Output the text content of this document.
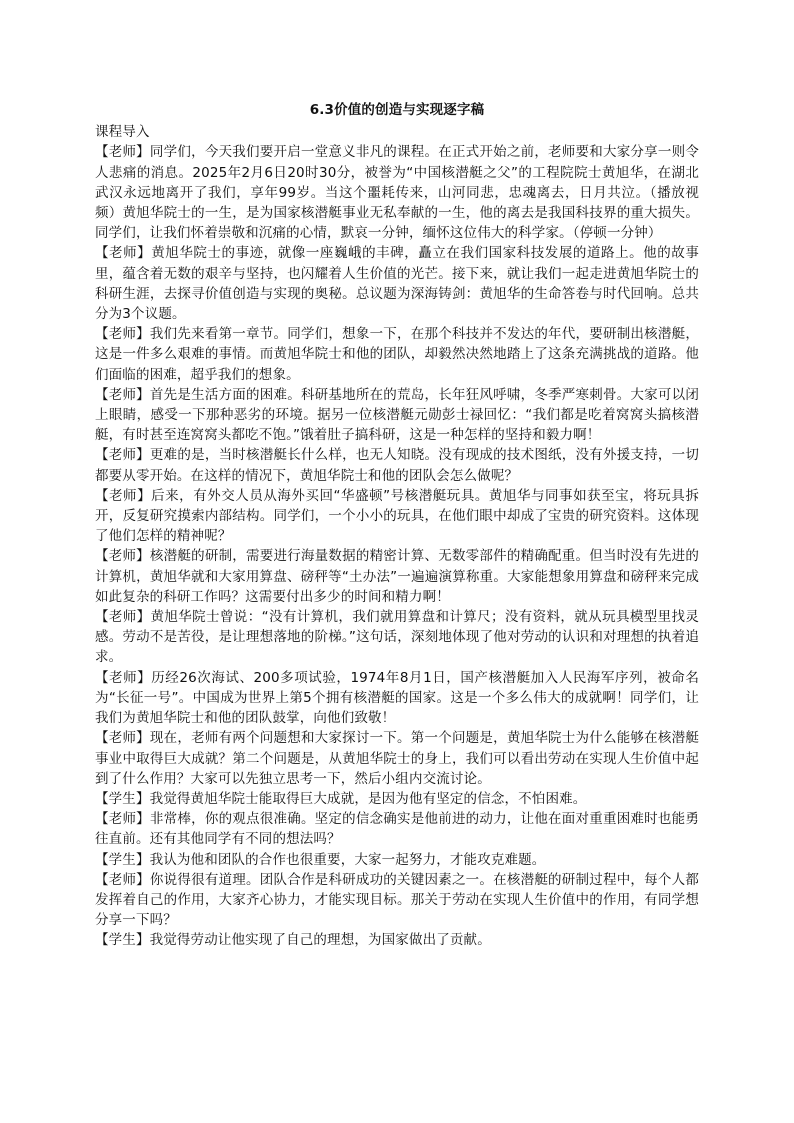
6.3价值的创造与实现逐字稿
课程导入

【老师】同学们，今天我们要开启一堂意义非凡的课程。在正式开始之前，老师要和大家分享一则令人悲痛的消息。2025年2月6日20时30分，被誉为“中国核潜艇之父”的工程院院士黄旭华，在湖北武汉永远地离开了我们，享年99岁。当这个噩耗传来，山河同悲，忠魂离去，日月共泣。（播放视频）黄旭华院士的一生，是为国家核潜艇事业无私奉献的一生，他的离去是我国科技界的重大损失。同学们，让我们怀着崇敬和沉痛的心情，默哀一分钟，缅怀这位伟大的科学家。（停顿一分钟）

【老师】黄旭华院士的事迹，就像一座巍峨的丰碑，矗立在我们国家科技发展的道路上。他的故事里，蕴含着无数的艰辛与坚持，也闪耀着人生价值的光芒。接下来，就让我们一起走进黄旭华院士的科研生涯，去探寻价值创造与实现的奥秘。总议题为深海铸剑：黄旭华的生命答卷与时代回响。总共分为3个议题。

【老师】我们先来看第一章节。同学们，想象一下，在那个科技并不发达的年代，要研制出核潜艇，这是一件多么艰难的事情。而黄旭华院士和他的团队，却毅然决然地踏上了这条充满挑战的道路。他们面临的困难，超乎我们的想象。

【老师】首先是生活方面的困难。科研基地所在的荒岛，长年狂风呼啸，冬季严寒刺骨。大家可以闭上眼睛，感受一下那种恶劣的环境。据另一位核潜艇元勋彭士禄回忆：“我们都是吃着窝窝头搞核潜艇，有时甚至连窝窝头都吃不饱。”饿着肚子搞科研，这是一种怎样的坚持和毅力啊！

【老师】更难的是，当时核潜艇长什么样，也无人知晓。没有现成的技术图纸，没有外援支持，一切都要从零开始。在这样的情况下，黄旭华院士和他的团队会怎么做呢？

【老师】后来，有外交人员从海外买回“华盛顿”号核潜艇玩具。黄旭华与同事如获至宝，将玩具拆开，反复研究摸索内部结构。同学们，一个小小的玩具，在他们眼中却成了宝贵的研究资料。这体现了他们怎样的精神呢？

【老师】核潜艇的研制，需要进行海量数据的精密计算、无数零部件的精确配重。但当时没有先进的计算机，黄旭华就和大家用算盘、磅秤等“土办法”一遍遍演算称重。大家能想象用算盘和磅秤来完成如此复杂的科研工作吗？这需要付出多少的时间和精力啊！

【老师】黄旭华院士曾说：“没有计算机，我们就用算盘和计算尺；没有资料，就从玩具模型里找灵感。劳动不是苦役，是让理想落地的阶梯。”这句话，深刻地体现了他对劳动的认识和对理想的执着追求。

【老师】历经26次海试、200多项试验，1974年8月1日，国产核潜艇加入人民海军序列，被命名为“长征一号”。中国成为世界上第5个拥有核潜艇的国家。这是一个多么伟大的成就啊！同学们，让我们为黄旭华院士和他的团队鼓掌，向他们致敬！

【老师】现在，老师有两个问题想和大家探讨一下。第一个问题是，黄旭华院士为什么能够在核潜艇事业中取得巨大成就？第二个问题是，从黄旭华院士的身上，我们可以看出劳动在实现人生价值中起到了什么作用？大家可以先独立思考一下，然后小组内交流讨论。

【学生】我觉得黄旭华院士能取得巨大成就，是因为他有坚定的信念，不怕困难。

【老师】非常棒，你的观点很准确。坚定的信念确实是他前进的动力，让他在面对重重困难时也能勇往直前。还有其他同学有不同的想法吗？

【学生】我认为他和团队的合作也很重要，大家一起努力，才能攻克难题。

【老师】你说得很有道理。团队合作是科研成功的关键因素之一。在核潜艇的研制过程中，每个人都发挥着自己的作用，大家齐心协力，才能实现目标。那关于劳动在实现人生价值中的作用，有同学想分享一下吗？

【学生】我觉得劳动让他实现了自己的理想，为国家做出了贡献。
